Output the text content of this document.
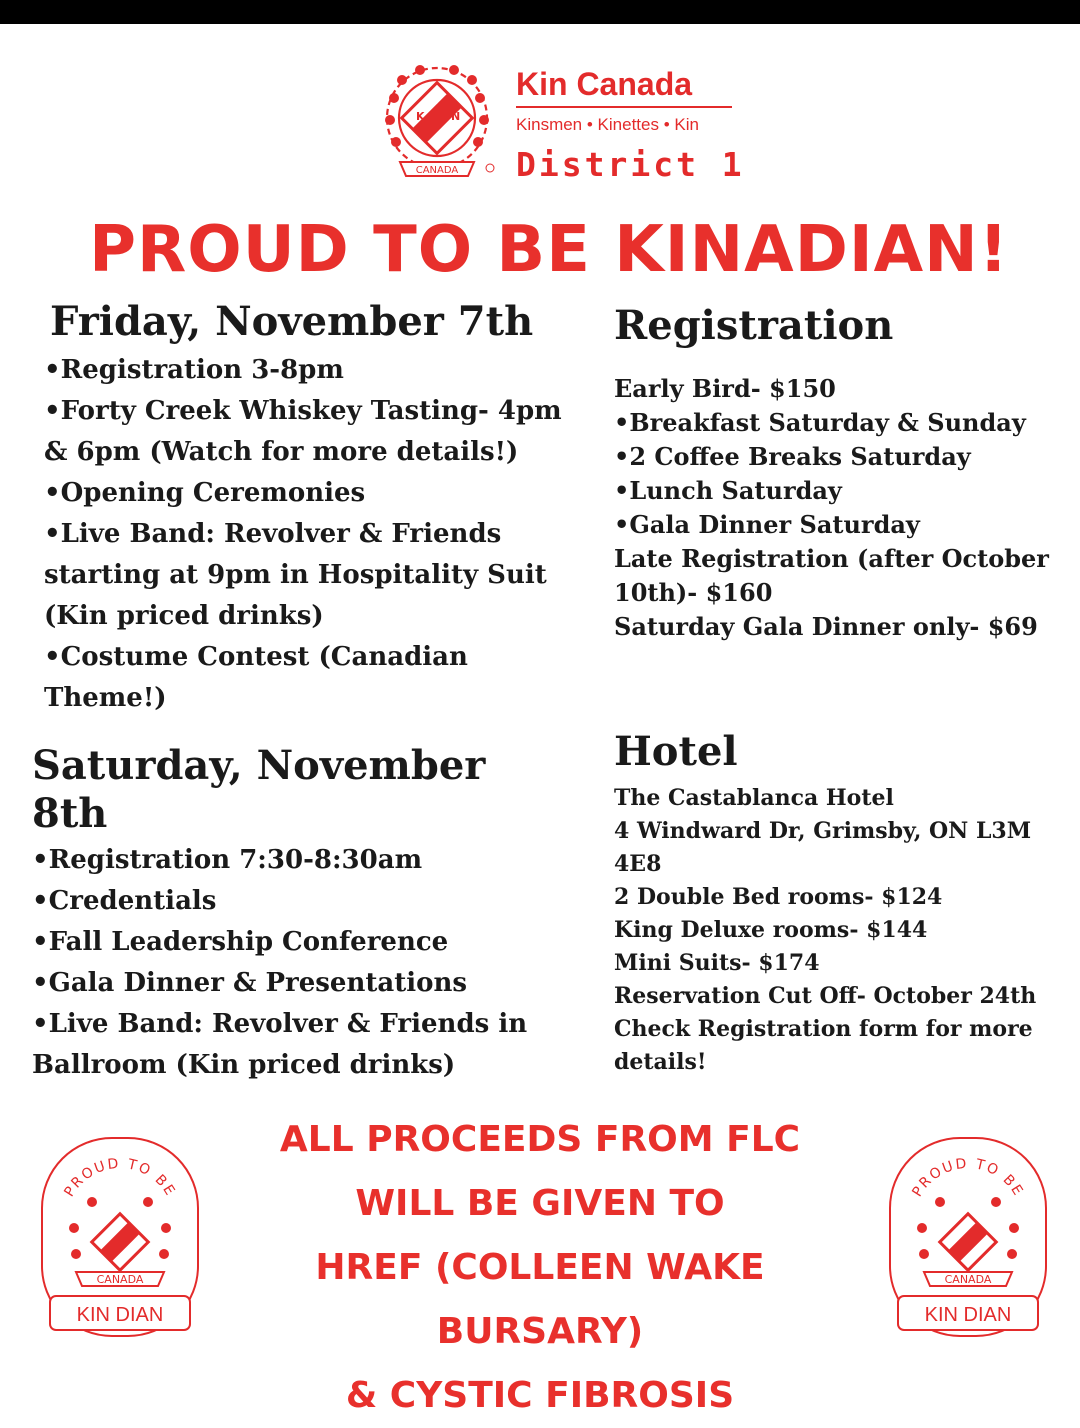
K
I
N
CANADA
Kin Canada
Kinsmen • Kinettes • Kin
District 1
PROUD TO BE KINADIAN!

Friday, November 7th

•Registration 3-8pm

•Forty Creek Whiskey Tasting- 4pm & 6pm (Watch for more details!)

•Opening Ceremonies

•Live Band: Revolver & Friends starting at 9pm in Hospitality Suit (Kin priced drinks)

•Costume Contest (Canadian Theme!)

Registration

Early Bird- $150

•Breakfast Saturday & Sunday

•2 Coffee Breaks Saturday

•Lunch Saturday

•Gala Dinner Saturday

Late Registration (after October 10th)- $160

Saturday Gala Dinner only- $69

Saturday, November 8th

•Registration 7:30-8:30am

•Credentials

•Fall Leadership Conference

•Gala Dinner & Presentations

•Live Band: Revolver & Friends in Ballroom (Kin priced drinks)

Hotel

The Castablanca Hotel

4 Windward Dr, Grimsby, ON L3M 4E8

2 Double Bed rooms- $124

King Deluxe rooms- $144

Mini Suits- $174

Reservation Cut Off- October 24th

Check Registration form for more details!

ALL PROCEEDS FROM FLC
WILL BE GIVEN TO
HREF (COLLEEN WAKE BURSARY)
& CYSTIC FIBROSIS
PROUD TO BE
CANADA
KIN DIAN
PROUD TO BE
CANADA
KIN DIAN
